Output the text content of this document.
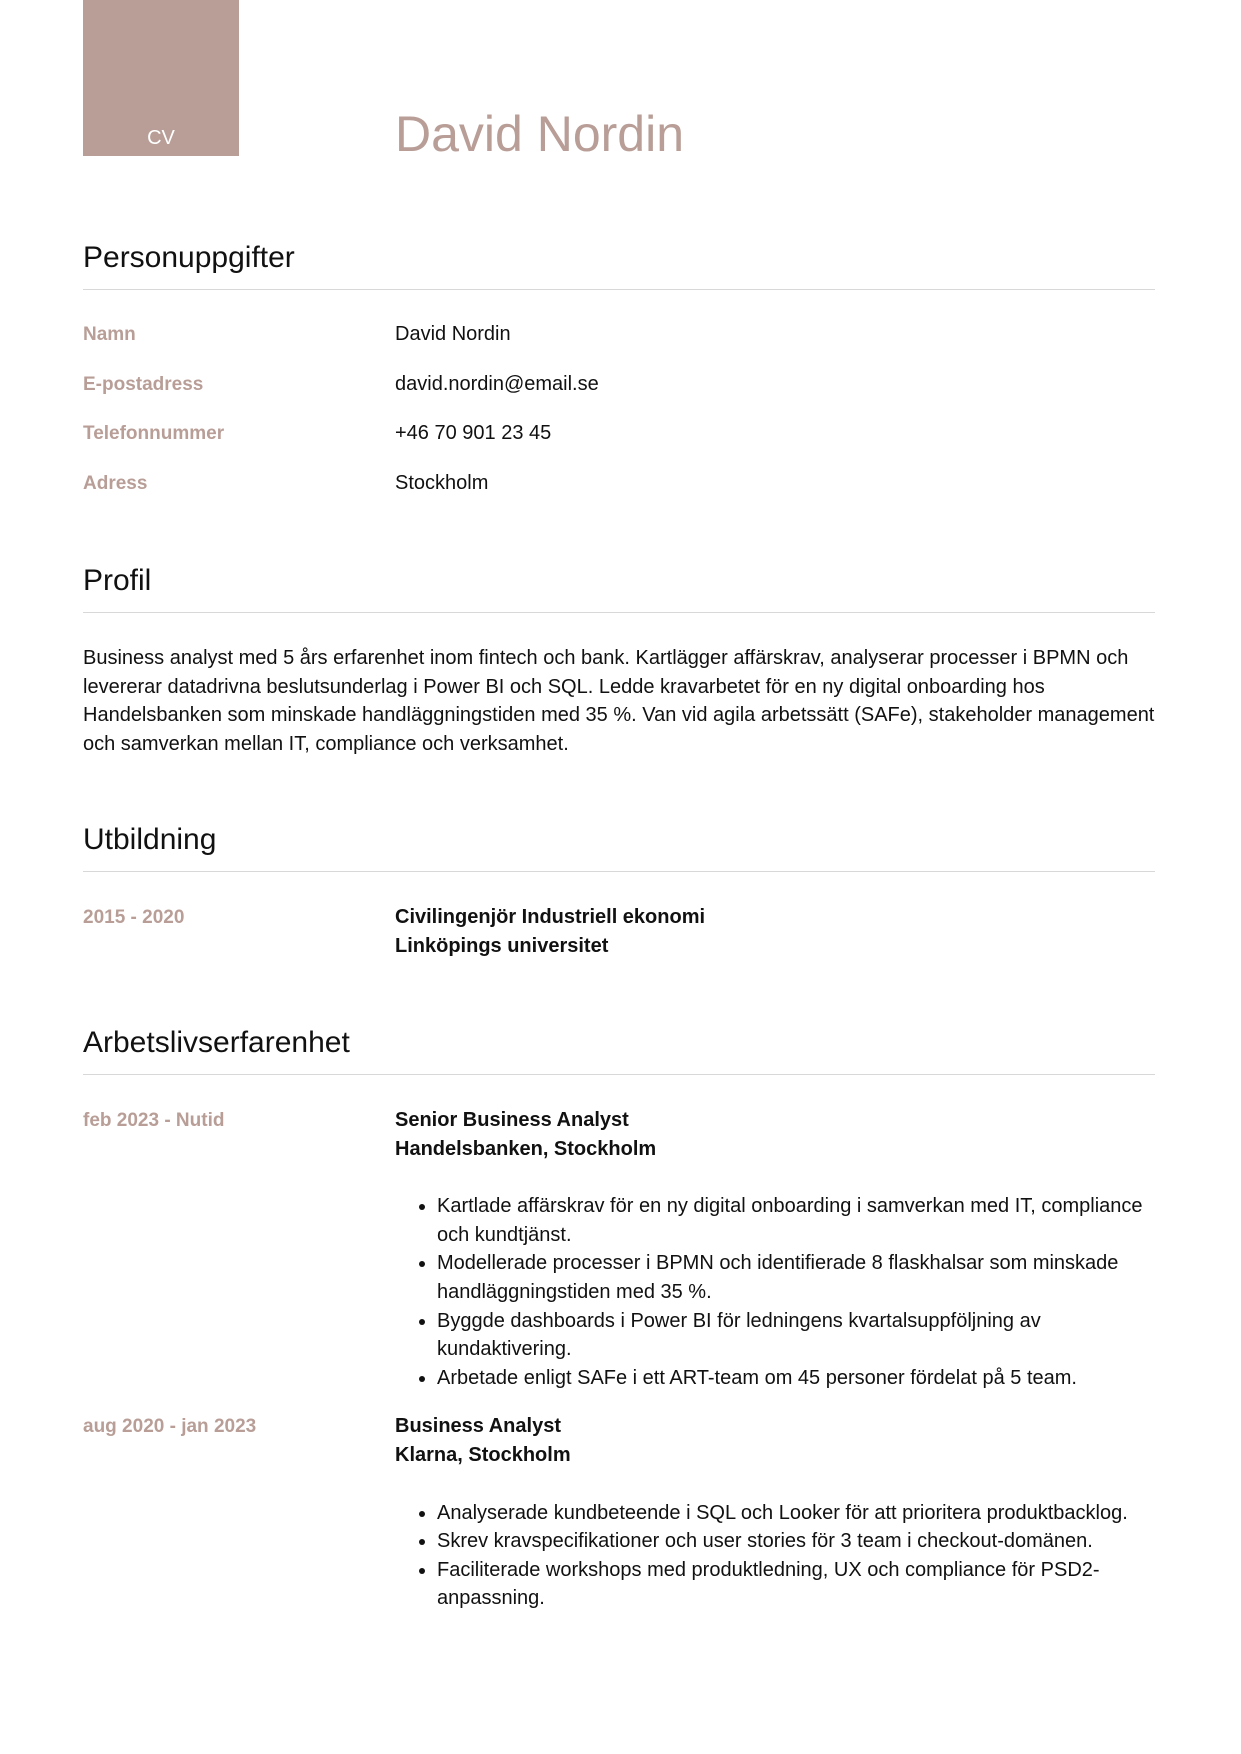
CV	David Nordin
Personuppgifter
Namn	David Nordin
E-postadress	david.nordin@email.se
Telefonnummer	+46 70 901 23 45
Adress	Stockholm
Profil
Business analyst med 5 års erfarenhet inom fintech och bank. Kartlägger affärskrav, analyserar processer i BPMN och levererar datadrivna beslutsunderlag i Power BI och SQL. Ledde kravarbetet för en ny digital onboarding hos Handelsbanken som minskade handläggningstiden med 35 %. Van vid agila arbetssätt (SAFe), stakeholder management och samverkan mellan IT, compliance och verksamhet.
Utbildning
2015 - 2020	Civilingenjör Industriell ekonomi
Linköpings universitet
Arbetslivserfarenhet
feb 2023 - Nutid	Senior Business Analyst
Handelsbanken, Stockholm
• Kartlade affärskrav för en ny digital onboarding i samverkan med IT, compliance och kundtjänst.
• Modellerade processer i BPMN och identifierade 8 flaskhalsar som minskade handläggningstiden med 35 %.
• Byggde dashboards i Power BI för ledningens kvartalsuppföljning av kundaktivering.
• Arbetade enligt SAFe i ett ART-team om 45 personer fördelat på 5 team.
aug 2020 - jan 2023	Business Analyst
Klarna, Stockholm
• Analyserade kundbeteende i SQL och Looker för att prioritera produktbacklog.
• Skrev kravspecifikationer och user stories för 3 team i checkout-domänen.
• Faciliterade workshops med produktledning, UX och compliance för PSD2-anpassning.
